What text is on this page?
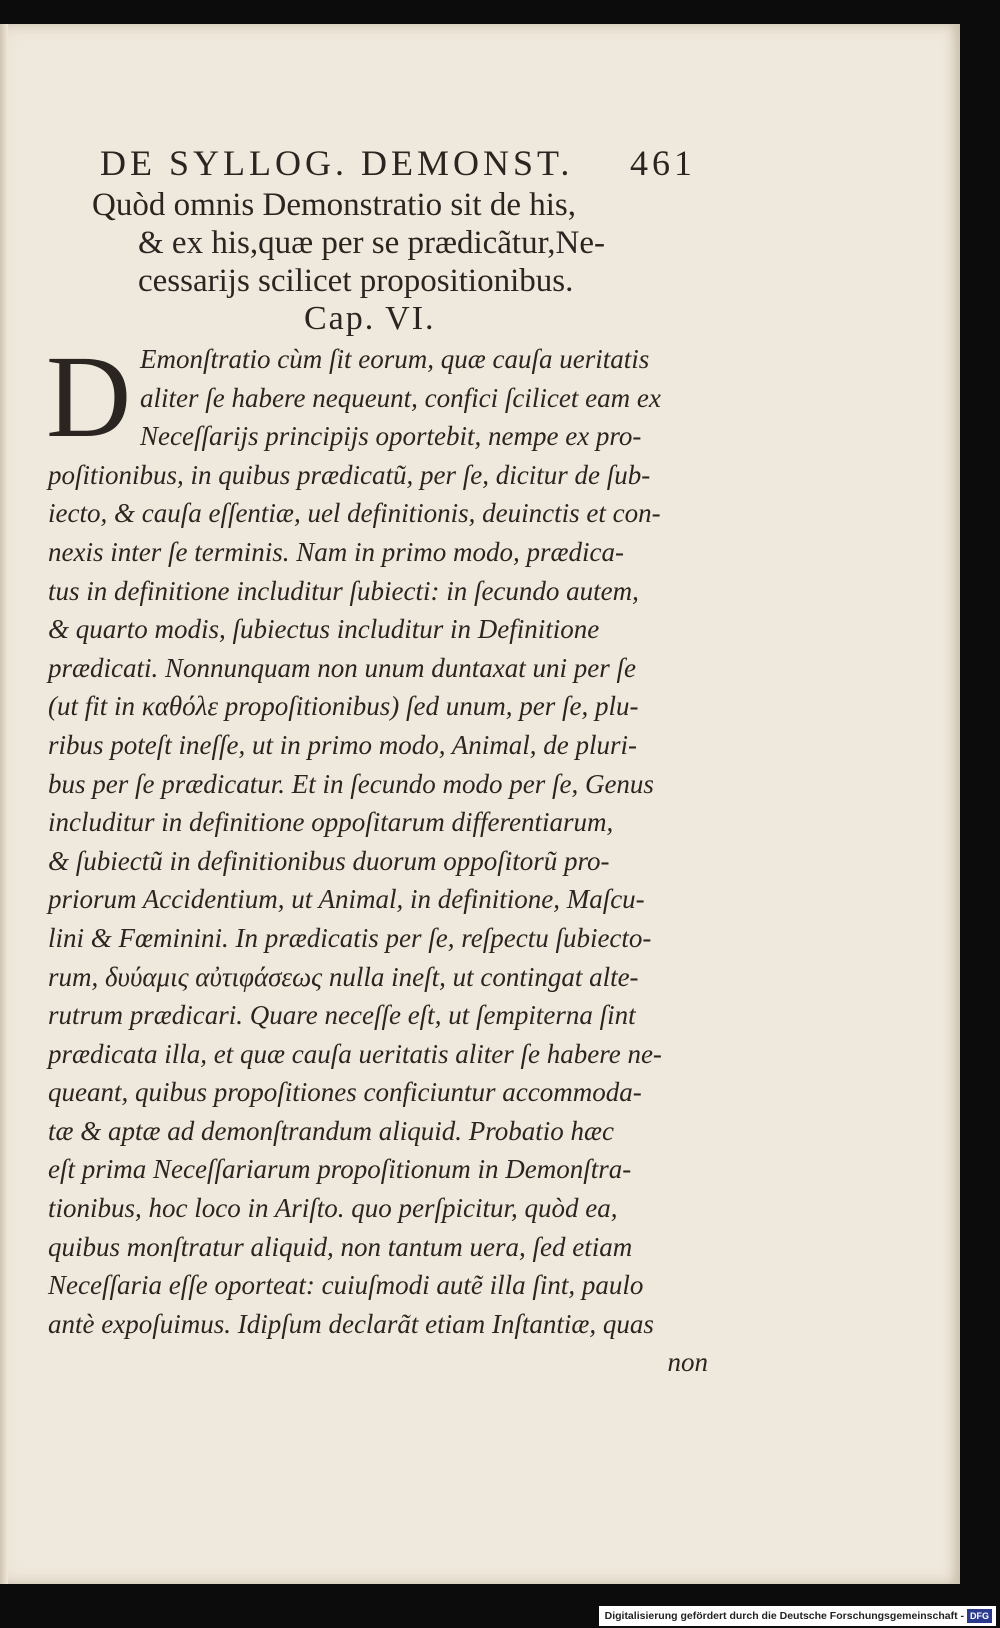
DE SYLLOG. DEMONST. 461
Quòd omnis Demonstratio sit de his,
& ex his,quæ per se prædicãtur,Ne-
cessarijs scilicet propositionibus.
Cap. VI.
D Emonſtratio cùm ſit eorum, quæ cauſa ueritatis
aliter ſe habere nequeunt, confici ſcilicet eam ex
Neceſſarijs principijs oportebit, nempe ex pro-
poſitionibus, in quibus prædicatũ, per ſe, dicitur de ſub-
iecto, & cauſa eſſentiæ, uel definitionis, deuinctis et con-
nexis inter ſe terminis. Nam in primo modo, prædica-
tus in definitione includitur ſubiecti: in ſecundo autem,
& quarto modis, ſubiectus includitur in Definitione
prædicati. Nonnunquam non unum duntaxat uni per ſe
(ut fit in καθόλε propoſitionibus) ſed unum, per ſe, plu-
ribus poteſt ineſſe, ut in primo modo, Animal, de pluri-
bus per ſe prædicatur. Et in ſecundo modo per ſe, Genus
includitur in definitione oppoſitarum differentiarum,
& ſubiectũ in definitionibus duorum oppoſitorũ pro-
priorum Accidentium, ut Animal, in definitione, Maſcu-
lini & Fœminini. In prædicatis per ſe, reſpectu ſubiecto-
rum, δυύαμις αὐτιφάσεως nulla ineſt, ut contingat alte-
rutrum prædicari. Quare neceſſe eſt, ut ſempiterna ſint
prædicata illa, et quæ cauſa ueritatis aliter ſe habere ne-
queant, quibus propoſitiones conficiuntur accommoda-
tæ & aptæ ad demonſtrandum aliquid. Probatio hæc
eſt prima Neceſſariarum propoſitionum in Demonſtra-
tionibus, hoc loco in Ariſto. quo perſpicitur, quòd ea,
quibus monſtratur aliquid, non tantum uera, ſed etiam
Neceſſaria eſſe oporteat: cuiuſmodi autẽ illa ſint, paulo
antè expoſuimus. Idipſum declarãt etiam Inſtantiæ, quas
non
Digitalisierung gefördert durch die Deutsche Forschungsgemeinschaft - DFG
